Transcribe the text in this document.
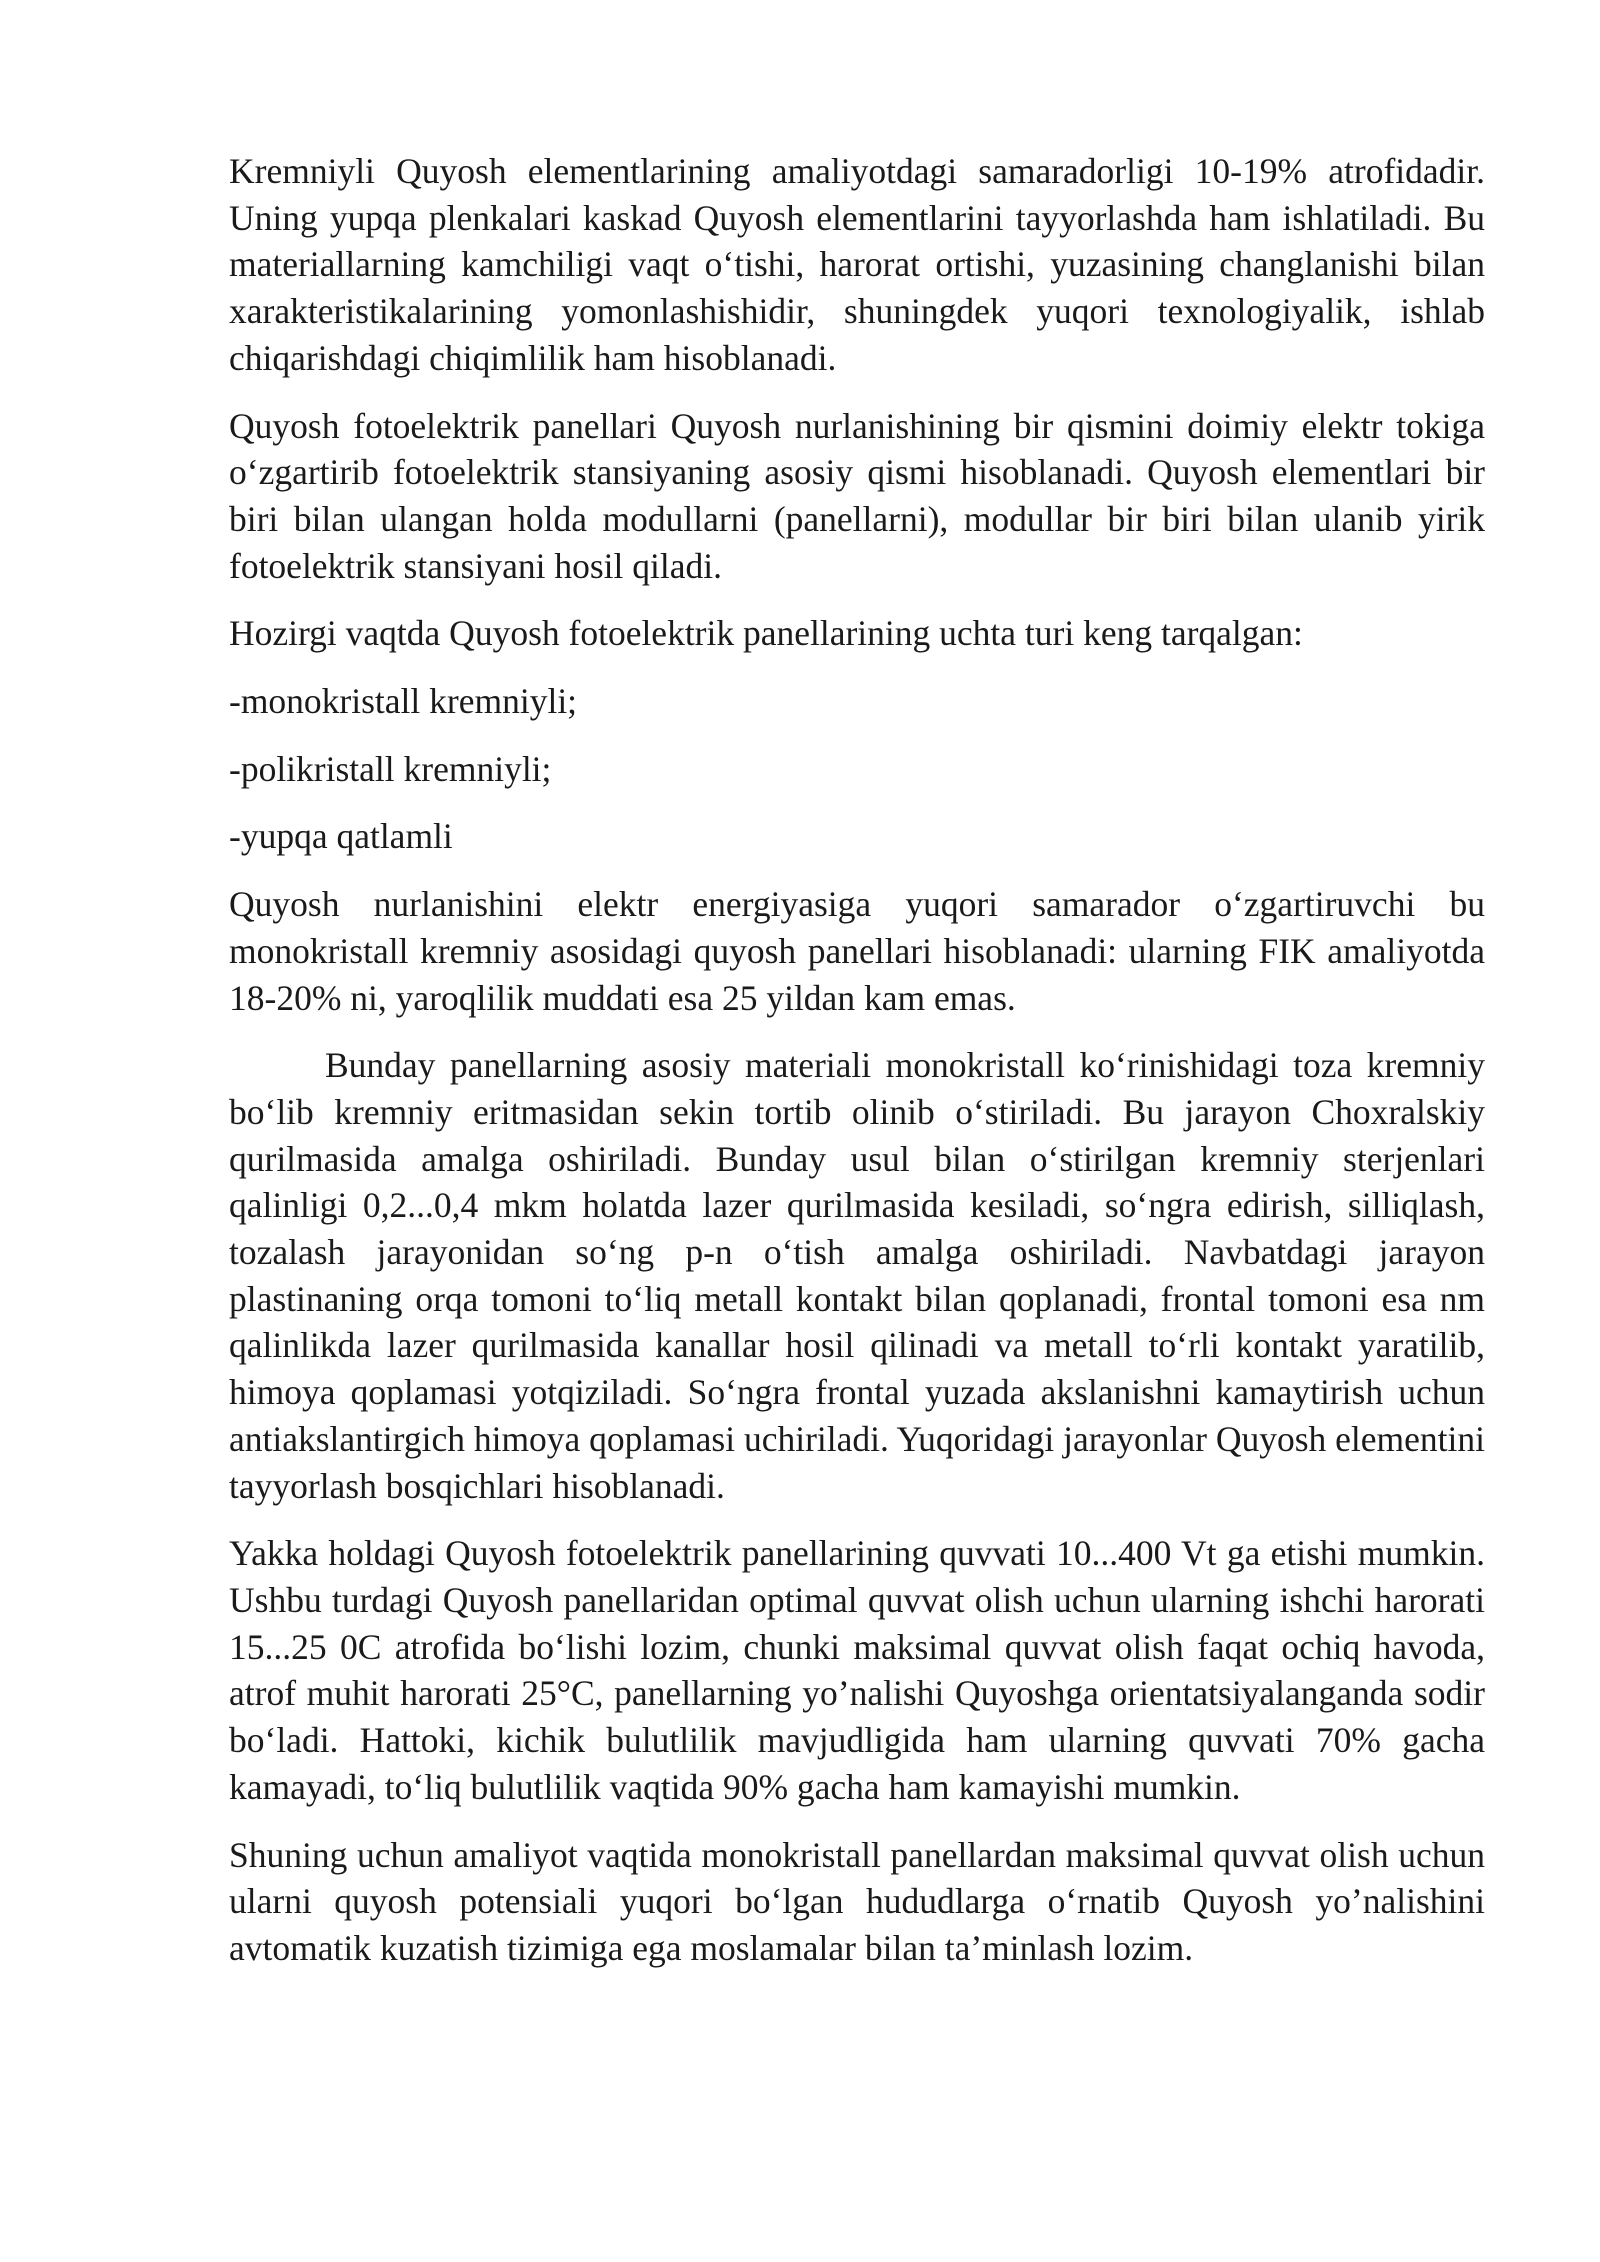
Kremniyli Quyosh elementlarining amaliyotdagi samaradorligi 10-19% atrofidadir. Uning yupqa plenkalari kaskad Quyosh elementlarini tayyorlashda ham ishlatiladi. Bu materiallarning kamchiligi vaqt o‘tishi, harorat ortishi, yuzasining changlanishi bilan xarakteristikalarining yomonlashishidir, shuningdek yuqori texnologiyalik, ishlab chiqarishdagi chiqimlilik ham hisoblanadi.

Quyosh fotoelektrik panellari Quyosh nurlanishining bir qismini doimiy elektr tokiga o‘zgartirib fotoelektrik stansiyaning asosiy qismi hisoblanadi. Quyosh elementlari bir biri bilan ulangan holda modullarni (panellarni), modullar bir biri bilan ulanib yirik fotoelektrik stansiyani hosil qiladi.

Hozirgi vaqtda Quyosh fotoelektrik panellarining uchta turi keng tarqalgan:

-monokristall kremniyli;

-polikristall kremniyli;

-yupqa qatlamli

Quyosh nurlanishini elektr energiyasiga yuqori samarador o‘zgartiruvchi bu monokristall kremniy asosidagi quyosh panellari hisoblanadi: ularning FIK amaliyotda 18-20% ni, yaroqlilik muddati esa 25 yildan kam emas.

Bunday panellarning asosiy materiali monokristall ko‘rinishidagi toza kremniy bo‘lib kremniy eritmasidan sekin tortib olinib o‘stiriladi. Bu jarayon Choxralskiy qurilmasida amalga oshiriladi. Bunday usul bilan o‘stirilgan kremniy sterjenlari qalinligi 0,2...0,4 mkm holatda lazer qurilmasida kesiladi, so‘ngra edirish, silliqlash, tozalash jarayonidan so‘ng p-n o‘tish amalga oshiriladi. Navbatdagi jarayon plastinaning orqa tomoni to‘liq metall kontakt bilan qoplanadi, frontal tomoni esa nm qalinlikda lazer qurilmasida kanallar hosil qilinadi va metall to‘rli kontakt yaratilib, himoya qoplamasi yotqiziladi. So‘ngra frontal yuzada akslanishni kamaytirish uchun antiakslantirgich himoya qoplamasi uchiriladi. Yuqoridagi jarayonlar Quyosh elementini tayyorlash bosqichlari hisoblanadi.

Yakka holdagi Quyosh fotoelektrik panellarining quvvati 10...400 Vt ga etishi mumkin. Ushbu turdagi Quyosh panellaridan optimal quvvat olish uchun ularning ishchi harorati 15...25 0C atrofida bo‘lishi lozim, chunki maksimal quvvat olish faqat ochiq havoda, atrof muhit harorati 25°C, panellarning yo’nalishi Quyoshga orientatsiyalanganda sodir bo‘ladi. Hattoki, kichik bulutlilik mavjudligida ham ularning quvvati 70% gacha kamayadi, to‘liq bulutlilik vaqtida 90% gacha ham kamayishi mumkin.

Shuning uchun amaliyot vaqtida monokristall panellardan maksimal quvvat olish uchun ularni quyosh potensiali yuqori bo‘lgan hududlarga o‘rnatib Quyosh yo’nalishini avtomatik kuzatish tizimiga ega moslamalar bilan ta’minlash lozim.
